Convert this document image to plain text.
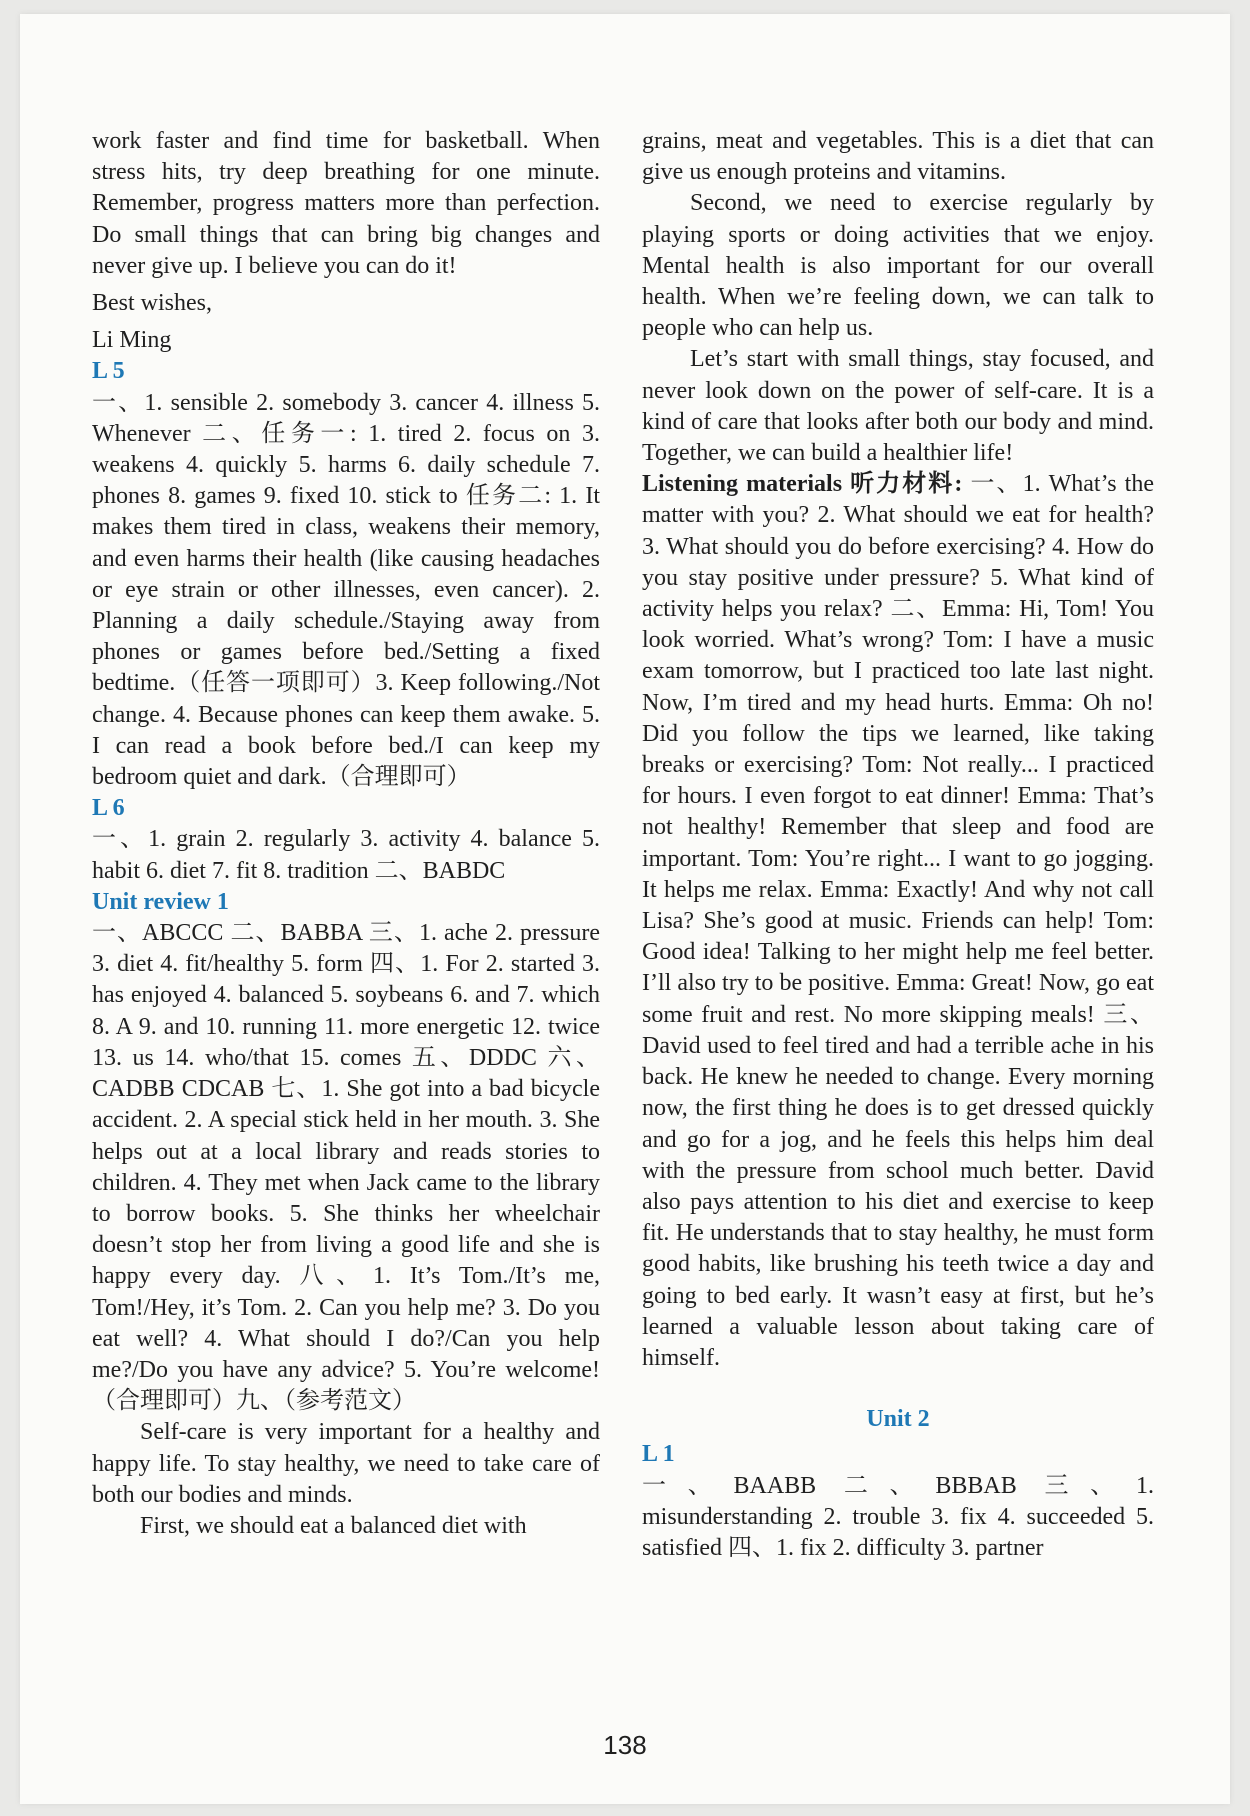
work faster and find time for basketball. When stress hits, try deep breathing for one minute. Remember, progress matters more than perfection. Do small things that can bring big changes and never give up. I believe you can do it!

Best wishes,

Li Ming

L 5

一、1. sensible 2. somebody 3. cancer 4. illness 5. Whenever 二、任务一: 1. tired 2. focus on 3. weakens 4. quickly 5. harms 6. daily schedule 7. phones 8. games 9. fixed 10. stick to 任务二: 1. It makes them tired in class, weakens their memory, and even harms their health (like causing headaches or eye strain or other illnesses, even cancer). 2. Planning a daily schedule./Staying away from phones or games before bed./Setting a fixed bedtime.（任答一项即可）3. Keep following./Not change. 4. Because phones can keep them awake. 5. I can read a book before bed./I can keep my bedroom quiet and dark.（合理即可）

L 6

一、1. grain 2. regularly 3. activity 4. balance 5. habit 6. diet 7. fit 8. tradition 二、BABDC

Unit review 1

一、ABCCC 二、BABBA 三、1. ache 2. pressure 3. diet 4. fit/healthy 5. form 四、1. For 2. started 3. has enjoyed 4. balanced 5. soybeans 6. and 7. which 8. A 9. and 10. running 11. more energetic 12. twice 13. us 14. who/that 15. comes 五、DDDC 六、CADBB CDCAB 七、1. She got into a bad bicycle accident. 2. A special stick held in her mouth. 3. She helps out at a local library and reads stories to children. 4. They met when Jack came to the library to borrow books. 5. She thinks her wheelchair doesn’t stop her from living a good life and she is happy every day. 八、1. It’s Tom./It’s me, Tom!/Hey, it’s Tom. 2. Can you help me? 3. Do you eat well? 4. What should I do?/Can you help me?/Do you have any advice? 5. You’re welcome!（合理即可）九、（参考范文）

Self-care is very important for a healthy and happy life. To stay healthy, we need to take care of both our bodies and minds.

First, we should eat a balanced diet with

grains, meat and vegetables. This is a diet that can give us enough proteins and vitamins.

Second, we need to exercise regularly by playing sports or doing activities that we enjoy. Mental health is also important for our overall health. When we’re feeling down, we can talk to people who can help us.

Let’s start with small things, stay focused, and never look down on the power of self-care. It is a kind of care that looks after both our body and mind. Together, we can build a healthier life!

Listening materials 听力材料: 一、1. What’s the matter with you? 2. What should we eat for health? 3. What should you do before exercising? 4. How do you stay positive under pressure? 5. What kind of activity helps you relax? 二、Emma: Hi, Tom! You look worried. What’s wrong? Tom: I have a music exam tomorrow, but I practiced too late last night. Now, I’m tired and my head hurts. Emma: Oh no! Did you follow the tips we learned, like taking breaks or exercising? Tom: Not really... I practiced for hours. I even forgot to eat dinner! Emma: That’s not healthy! Remember that sleep and food are important. Tom: You’re right... I want to go jogging. It helps me relax. Emma: Exactly! And why not call Lisa? She’s good at music. Friends can help! Tom: Good idea! Talking to her might help me feel better. I’ll also try to be positive. Emma: Great! Now, go eat some fruit and rest. No more skipping meals! 三、David used to feel tired and had a terrible ache in his back. He knew he needed to change. Every morning now, the first thing he does is to get dressed quickly and go for a jog, and he feels this helps him deal with the pressure from school much better. David also pays attention to his diet and exercise to keep fit. He understands that to stay healthy, he must form good habits, like brushing his teeth twice a day and going to bed early. It wasn’t easy at first, but he’s learned a valuable lesson about taking care of himself.

Unit 2

L 1

一、BAABB 二、BBBAB 三、1. misunderstanding 2. trouble 3. fix 4. succeeded 5. satisfied 四、1. fix 2. difficulty 3. partner

138
